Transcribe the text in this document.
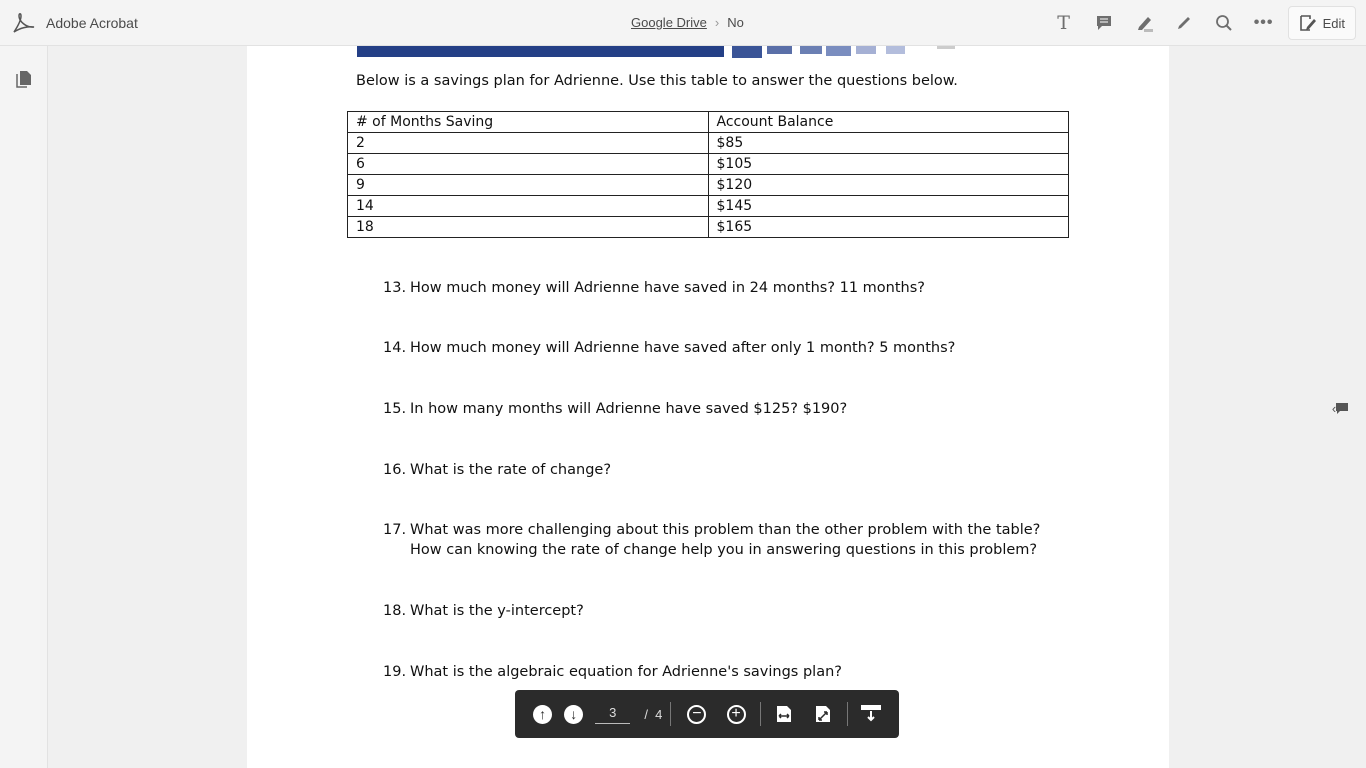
Adobe Acrobat	Google Drive › No	T	•••	Edit
Below is a savings plan for Adrienne. Use this table to answer the questions below.
# of Months Saving	Account Balance
2	$85
6	$105
9	$120
14	$145
18	$165
13. How much money will Adrienne have saved in 24 months? 11 months?
14. How much money will Adrienne have saved after only 1 month? 5 months?
15. In how many months will Adrienne have saved $125? $190?
16. What is the rate of change?
17. What was more challenging about this problem than the other problem with the table? How can knowing the rate of change help you in answering questions in this problem?
18. What is the y-intercept?
19. What is the algebraic equation for Adrienne's savings plan?
‹
↑	↓	3	/  4	−	+
